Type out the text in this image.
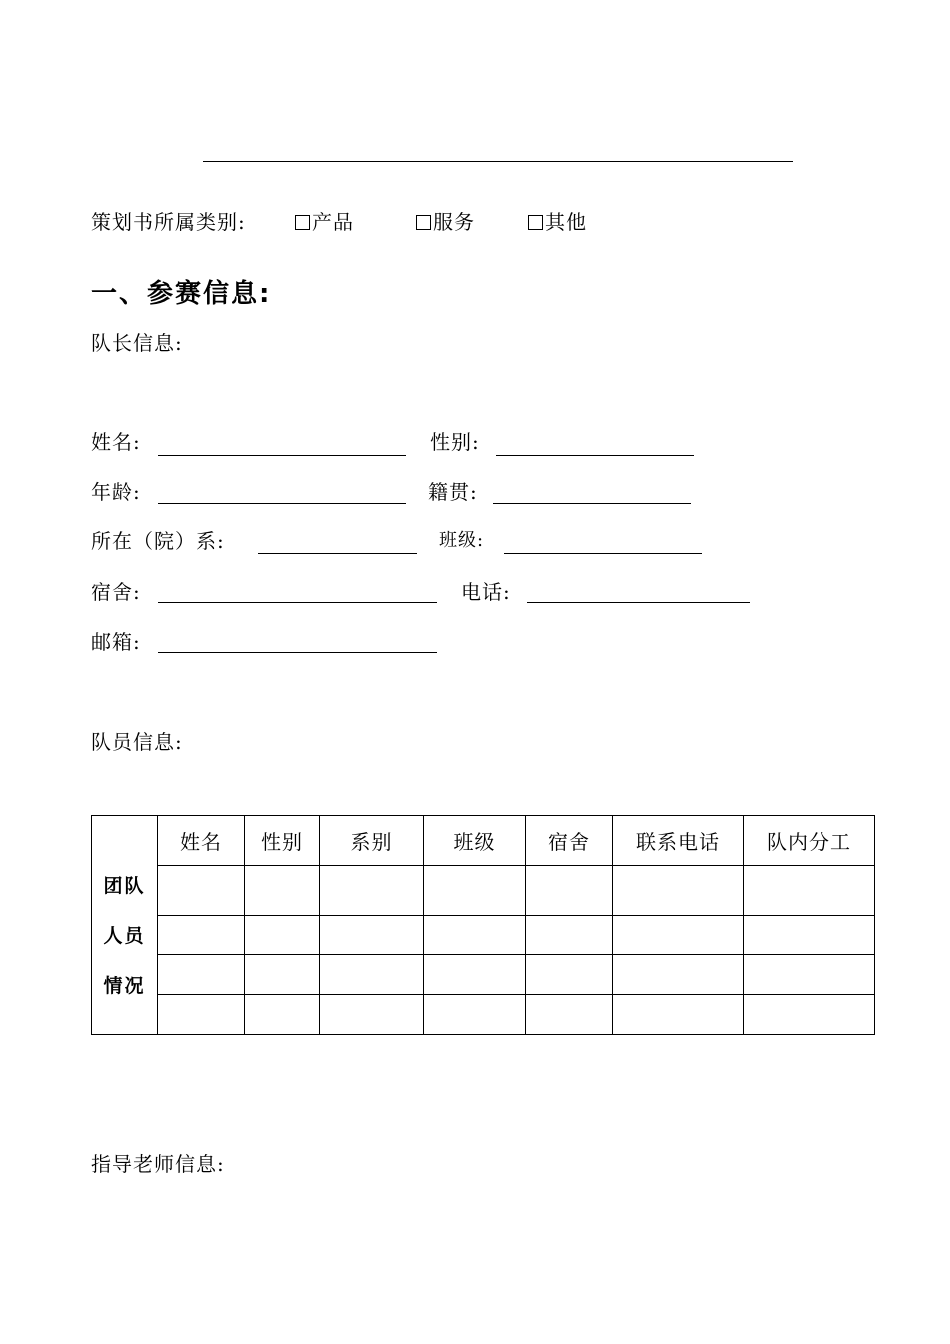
策划书所属类别:	产品	服务	其他
一、参赛信息:
队长信息:
姓名:	性别:
年龄:	籍贯:
所在（院）系:	班级:
宿舍:	电话:
邮箱:
队员信息:
团队
人员
情况	姓名	性别	系别	班级	宿舍	联系电话	队内分工

指导老师信息:
